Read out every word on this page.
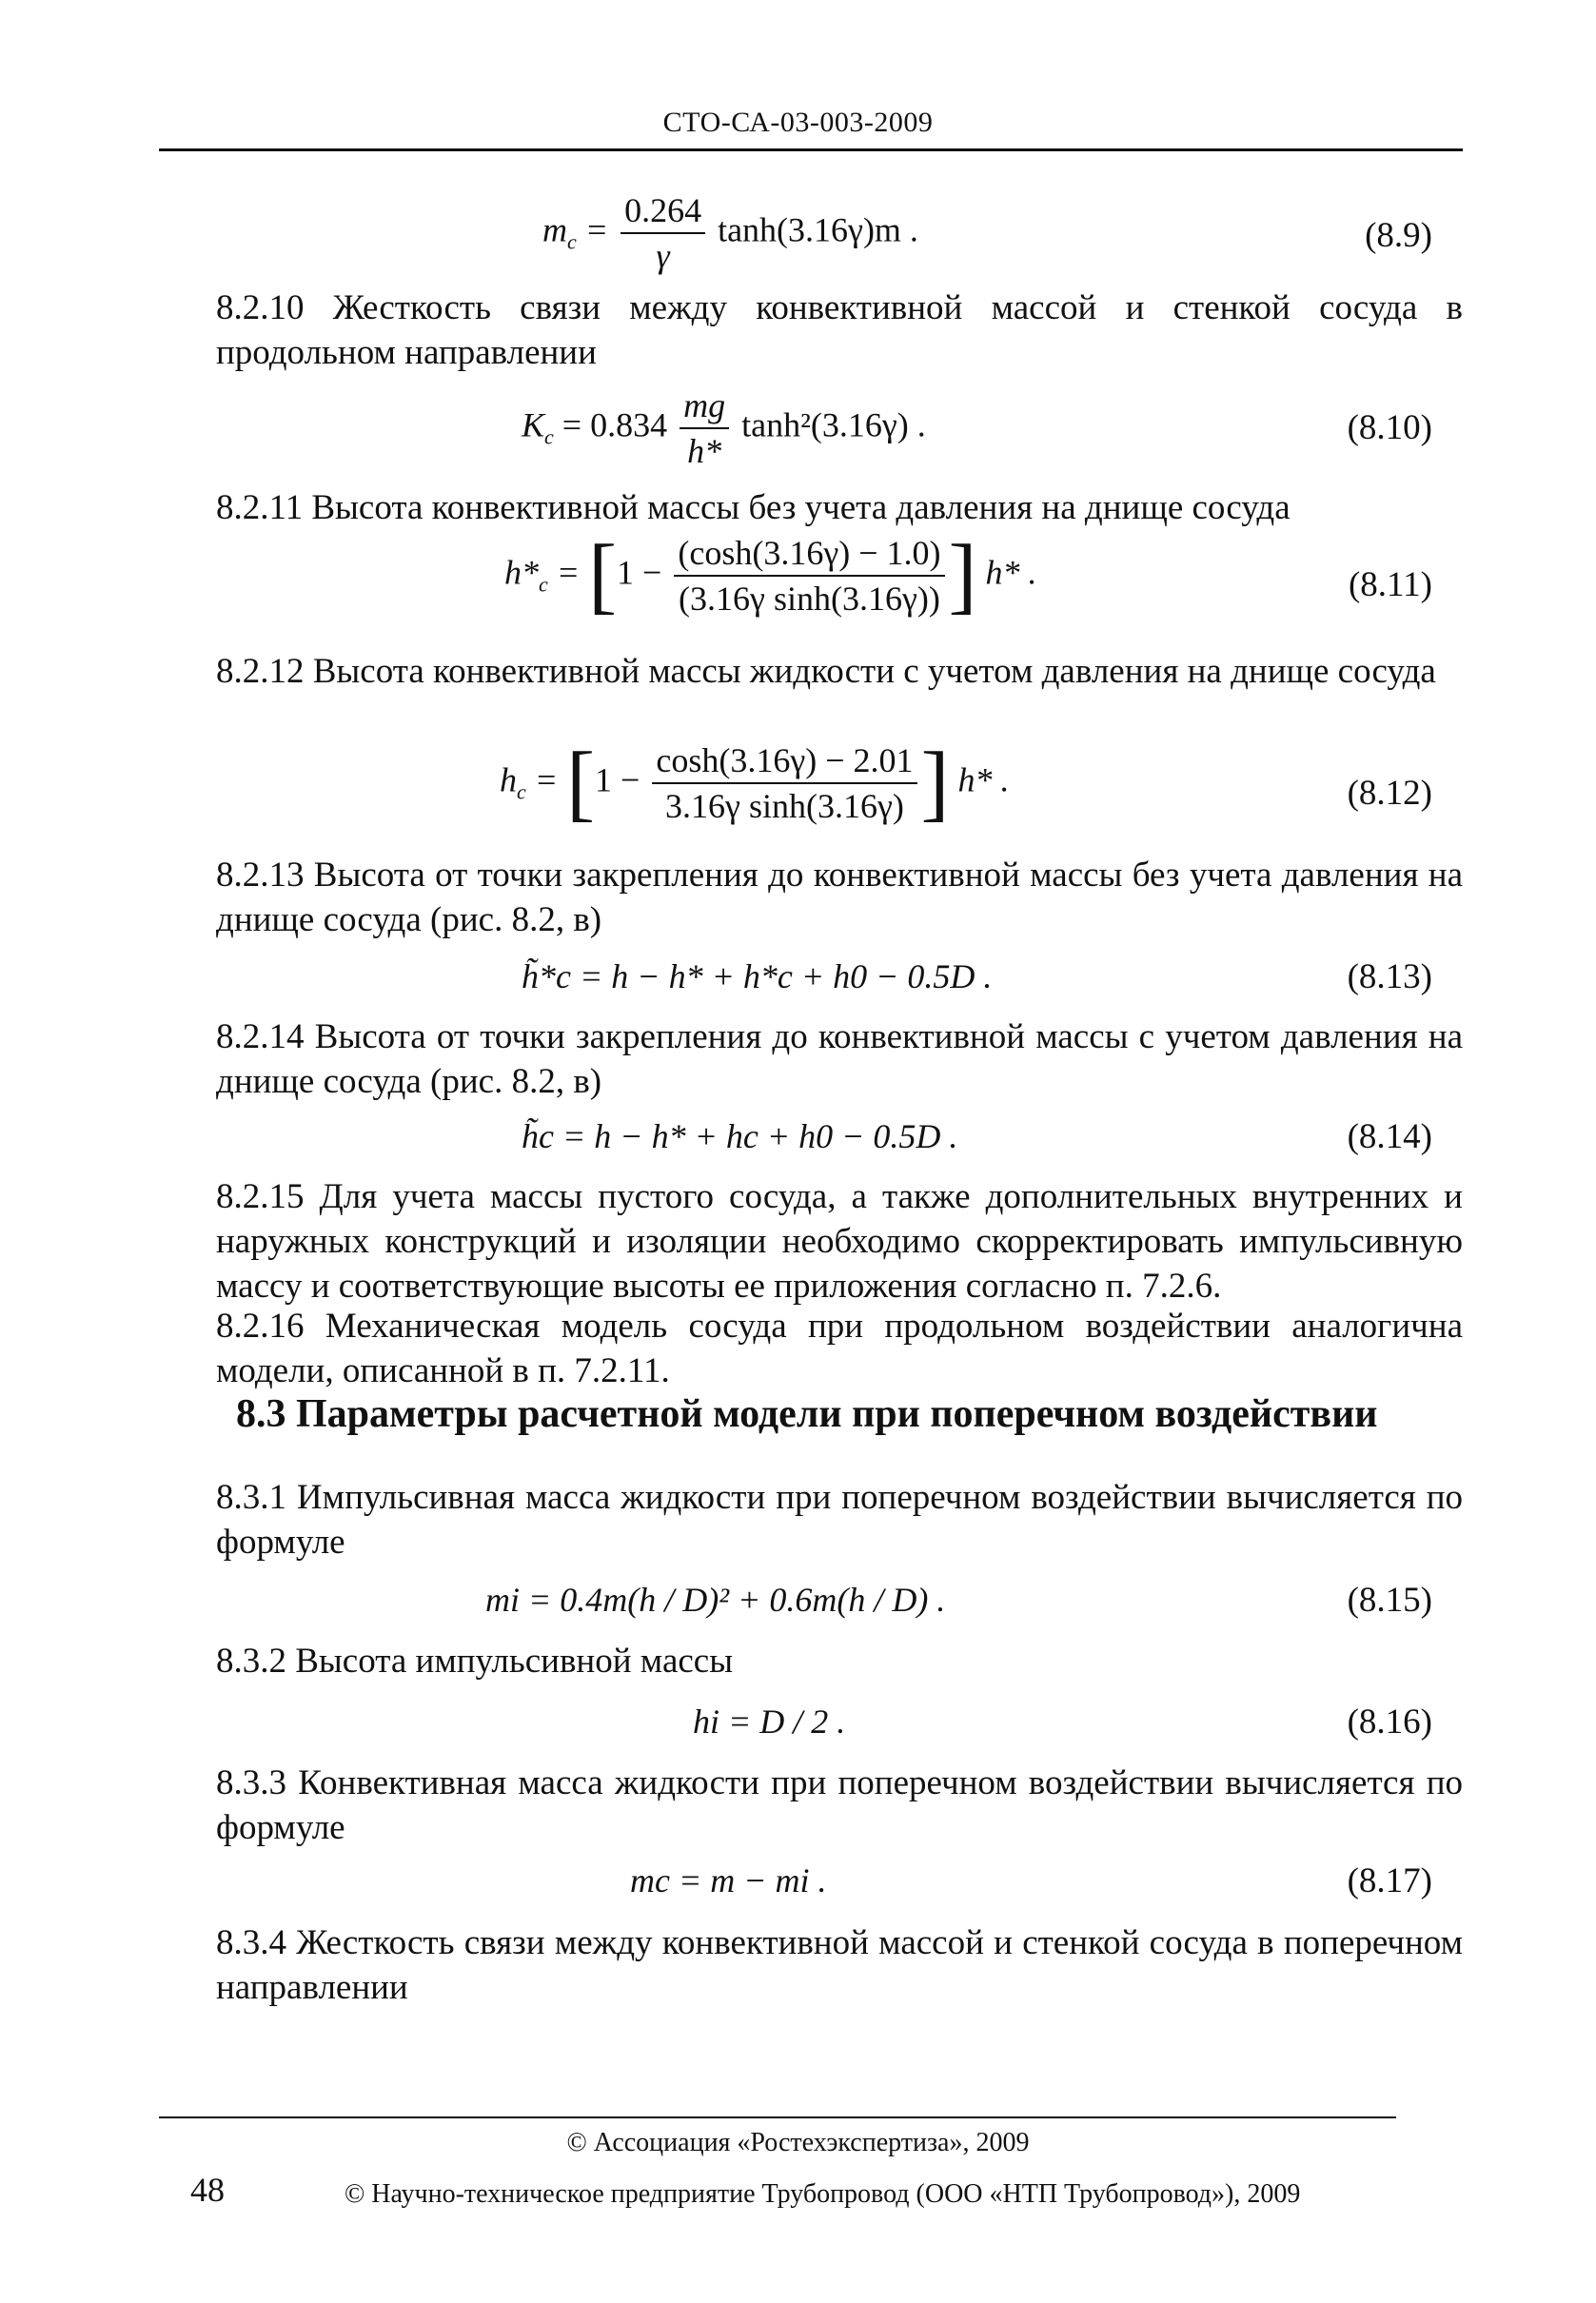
СТО-СА-03-003-2009
$m_c = \frac{0.264}{\gamma} \tanh(3.16\gamma)m$ .	(8.9)
8.2.10 Жесткость связи между конвективной массой и стенкой сосуда в продольном направлении
$K_c = 0.834 \frac{mg}{h*} \tanh^2(3.16\gamma)$ .	(8.10)
8.2.11 Высота конвективной массы без учета давления на днище сосуда
$h*_c = [1 - \frac{(\cosh(3.16\gamma) - 1.0)}{\text{(3.16γ sinh(3.16γ))}}$ ] h* .	(8.11)
8.2.12 Высота конвективной массы жидкости с учетом давления на днище сосуда
$h_c = [1 - \frac{\cosh(3.16\gamma) - 2.01}{\text{3.16γ sinh(3.16γ)}}$ ] h* .	(8.12)
8.2.13 Высота от точки закрепления до конвективной массы без учета давления на днище сосуда (рис. 8.2, в)
h̃*c = h − h* + h*c + h0 − 0.5D .	(8.13)
8.2.14 Высота от точки закрепления до конвективной массы с учетом давления на днище сосуда (рис. 8.2, в)
h̃c = h − h* + hc + h0 − 0.5D .	(8.14)
8.2.15 Для учета массы пустого сосуда, а также дополнительных внутренних и наружных конструкций и изоляции необходимо скорректировать импульсивную массу и соответствующие высоты ее приложения согласно п. 7.2.6.
8.2.16 Механическая модель сосуда при продольном воздействии аналогична модели, описанной в п. 7.2.11.
8.3 Параметры расчетной модели при поперечном воздействии
8.3.1 Импульсивная масса жидкости при поперечном воздействии вычисляется по формуле
mi = 0.4m(h / D)² + 0.6m(h / D) .	(8.15)
8.3.2 Высота импульсивной массы
hi = D / 2 .	(8.16)
8.3.3 Конвективная масса жидкости при поперечном воздействии вычисляется по формуле
mc = m − mi .	(8.17)
8.3.4 Жесткость связи между конвективной массой и стенкой сосуда в поперечном направлении
© Ассоциация «Ростехэкспертиза», 2009
48	© Научно-техническое предприятие Трубопровод (ООО «НТП Трубопровод»), 2009
